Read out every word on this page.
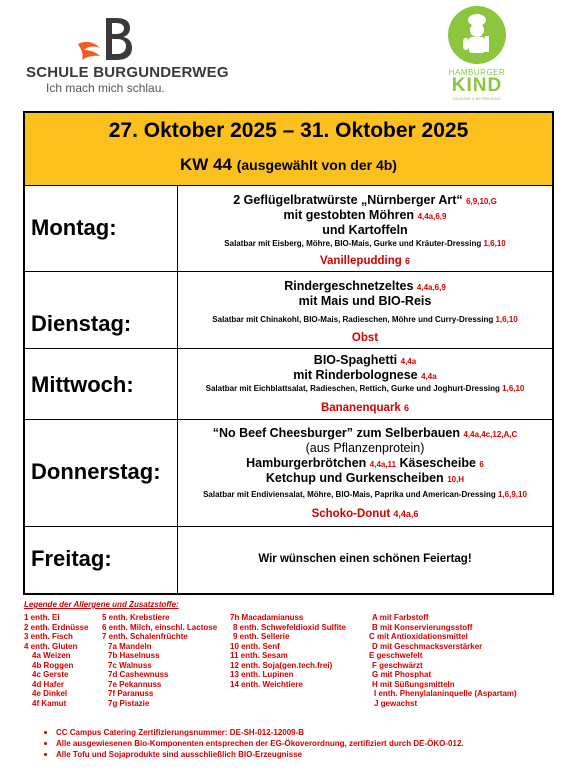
SCHULE BURGUNDERWEG
Ich mach mich schlau.
HAMBURGER
KIND
BILDUNG & BETREUUNG
27. Oktober 2025 – 31. Oktober 2025
KW 44 (ausgewählt von der 4b)
Montag:
2 Geflügelbratwürste „Nürnberger Art“ 6,9,10,G
mit gestobten Möhren 4,4a,6,9
und Kartoffeln
Salatbar mit Eisberg, Möhre, BIO-Mais, Gurke und Kräuter-Dressing 1,6,10
Vanillepudding 6
Dienstag:
Rindergeschnetzeltes 4,4a,6,9
mit Mais und BIO-Reis
Salatbar mit Chinakohl, BIO-Mais, Radieschen, Möhre und Curry-Dressing 1,6,10
Obst
Mittwoch:
BIO-Spaghetti 4,4a
mit Rinderbolognese 4,4a
Salatbar mit Eichblattsalat, Radieschen, Rettich, Gurke und Joghurt-Dressing 1,6,10
Bananenquark 6
Donnerstag:
“No Beef Cheesburger” zum Selberbauen 4,4a,4c,12,A,C
(aus Pflanzenprotein)
Hamburgerbrötchen 4,4a,11 Käsescheibe 6
Ketchup und Gurkenscheiben 10,H
Salatbar mit Endiviensalat, Möhre, BIO-Mais, Paprika und American-Dressing 1,6,9,10
Schoko-Donut 4,4a,6
Freitag:	Wir wünschen einen schönen Feiertag!
Legende der Allergene und Zusatzstoffe:
1 enth. Ei
2 enth. Erdnüsse
3 enth. Fisch
4 enth. Gluten
4a Weizen
4b Roggen
4c Gerste
4d Hafer
4e Dinkel
4f Kamut
5 enth. Krebstiere
6 enth. Milch, einschl. Lactose
7 enth. Schalenfrüchte
7a Mandeln
7b Haselnuss
7c Walnuss
7d Cashewnuss
7e Pekannuss
7f Paranuss
7g Pistazie
7h Macadamianuss
8 enth. Schwefeldioxid Sulfite
9 enth. Sellerie
10 enth. Senf
11 enth. Sesam
12 enth. Soja(gen.tech.frei)
13 enth. Lupinen
14 enth. Weichtiere
A mit Farbstoff
B mit Konservierungsstoff
C mit Antioxidationsmittel
D mit Geschmacksverstärker
E geschwefelt
F geschwärzt
G mit Phosphat
H mit Süßungsmitteln
I enth. Phenylalaninquelle (Aspartam)
J gewachst
CC Campus Catering Zertifizierungsnummer: DE-SH-012-12009-B
Alle ausgewiesenen Bio-Komponenten entsprechen der EG-Ökoverordnung, zertifiziert durch DE-ÖKO-012.
Alle Tofu und Sojaprodukte sind ausschließlich BIO-Erzeugnisse
